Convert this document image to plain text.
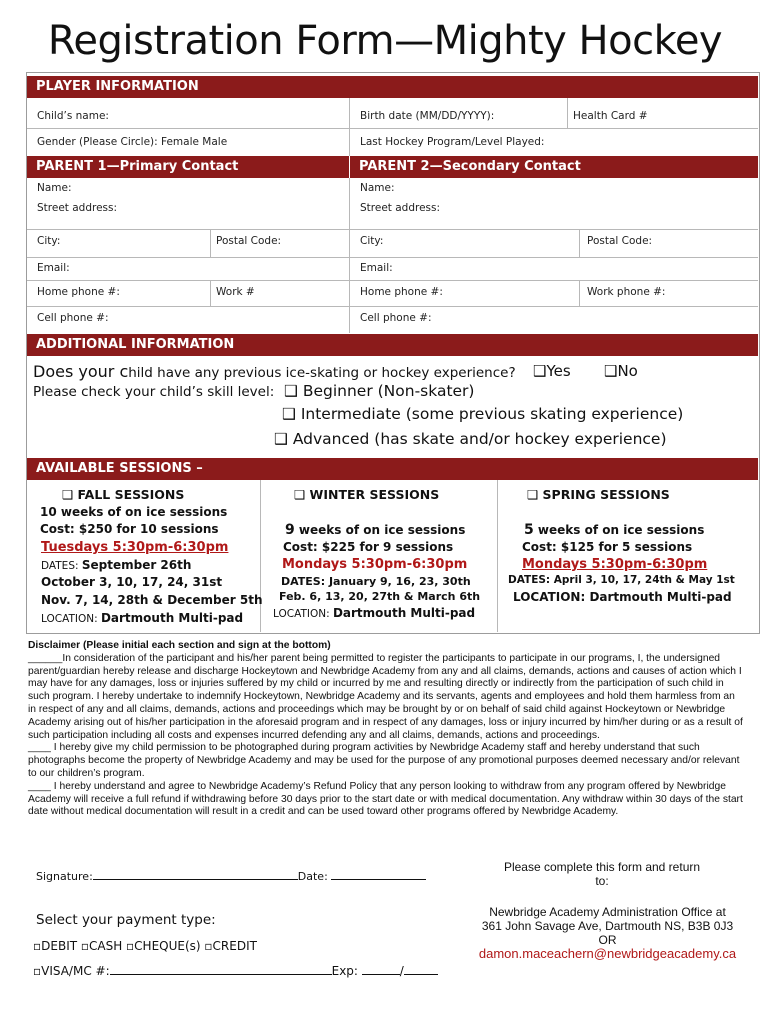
Registration Form—Mighty Hockey
PLAYER INFORMATION
Child’s name:	Birth date (MM/DD/YYYY):	Health Card #
Gender (Please Circle): Female Male	Last Hockey Program/Level Played:
PARENT 1—Primary Contact	PARENT 2—Secondary Contact
Name:	Name:
Street address:	Street address:
City:	Postal Code:	City:	Postal Code:
Email:	Email:
Home phone #:	Work #	Home phone #:	Work phone #:
Cell phone #:	Cell phone #:
ADDITIONAL INFORMATION
Does your child have any previous ice-skating or hockey experience? ❑Yes ❑No
Please check your child’s skill level: ❑ Beginner (Non-skater)
❑ Intermediate (some previous skating experience)
❑ Advanced (has skate and/or hockey experience)
AVAILABLE SESSIONS –
❑ FALL SESSIONS
10 weeks of on ice sessions
Cost: $250 for 10 sessions
Tuesdays 5:30pm-6:30pm
DATES: September 26th
October 3, 10, 17, 24, 31st
Nov. 7, 14, 28th & December 5th
LOCATION: Dartmouth Multi-pad
❑ WINTER SESSIONS
9 weeks of on ice sessions
Cost: $225 for 9 sessions
Mondays 5:30pm-6:30pm
DATES: January 9, 16, 23, 30th
Feb. 6, 13, 20, 27th & March 6th
LOCATION: Dartmouth Multi-pad
❑ SPRING SESSIONS
5 weeks of on ice sessions
Cost: $125 for 5 sessions
Mondays 5:30pm-6:30pm
DATES: April 3, 10, 17, 24th & May 1st
LOCATION: Dartmouth Multi-pad
Disclaimer (Please initial each section and sign at the bottom)
______In consideration of the participant and his/her parent being permitted to register the participants to participate in our programs, I, the undersigned parent/guardian hereby release and discharge Hockeytown and Newbridge Academy from any and all claims, demands, actions and causes of action which I may have for any damages, loss or injuries suffered by my child or incurred by me and resulting directly or indirectly from the participation of such child in such program. I hereby undertake to indemnify Hockeytown, Newbridge Academy and its servants, agents and employees and hold them harmless from an in respect of any and all claims, demands, actions and proceedings which may be brought by or on behalf of said child against Hockeytown or Newbridge Academy arising out of his/her participation in the aforesaid program and in respect of any damages, loss or injury incurred by him/her during or as a result of such participation including all costs and expenses incurred defending any and all claims, demands, actions and proceedings.
____ I hereby give my child permission to be photographed during program activities by Newbridge Academy staff and hereby understand that such photographs become the property of Newbridge Academy and may be used for the purpose of any promotional purposes deemed necessary and/or relevant to our children’s program.
____ I hereby understand and agree to Newbridge Academy’s Refund Policy that any person looking to withdraw from any program offered by Newbridge Academy will receive a full refund if withdrawing before 30 days prior to the start date or with medical documentation. Any withdraw within 30 days of the start date without medical documentation will result in a credit and can be used toward other programs offered by Newbridge Academy.
Signature:	Date:
Select your payment type:
▫DEBIT ▫CASH ▫CHEQUE(s) ▫CREDIT
▫VISA/MC #:	Exp:	/
Please complete this form and return
to:
Newbridge Academy Administration Office at
361 John Savage Ave, Dartmouth NS, B3B 0J3
OR
damon.maceachern@newbridgeacademy.ca
